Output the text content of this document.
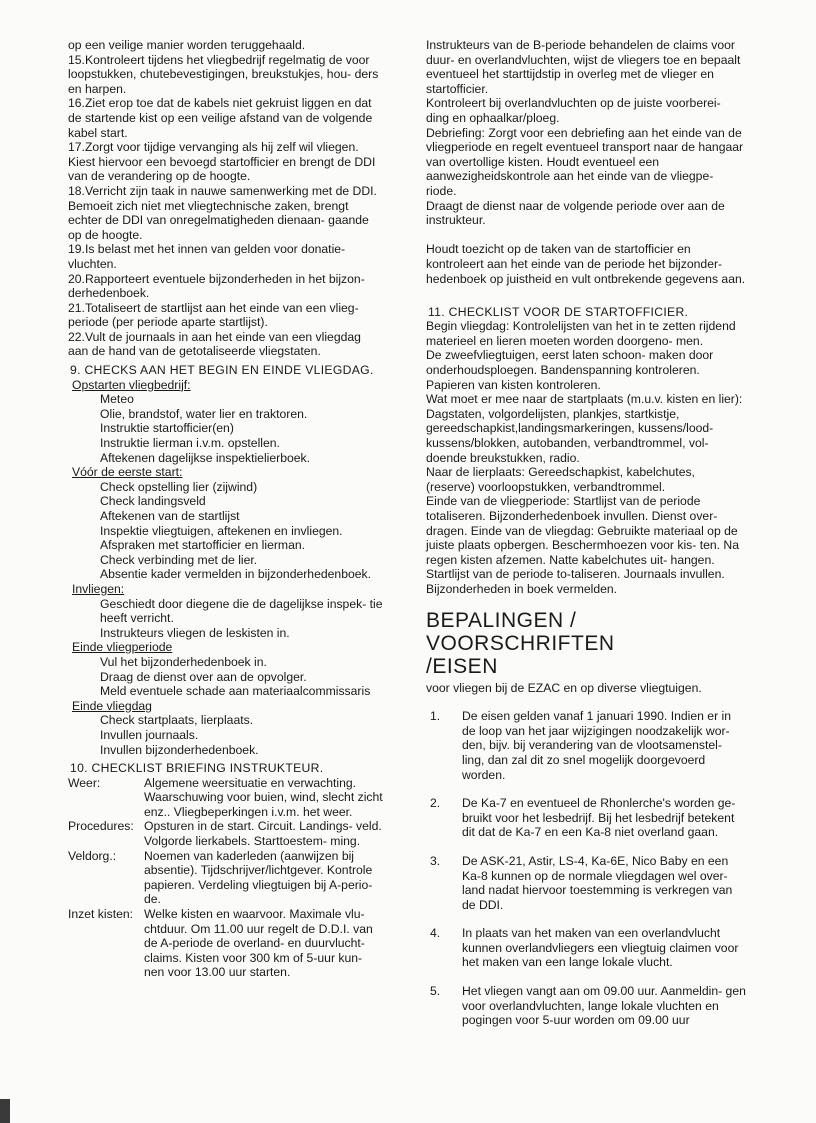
op een veilige manier worden teruggehaald.

15.Kontroleert tijdens het vliegbedrijf regelmatig de voor loopstukken, chutebevestigingen, breukstukjes, hou- ders en harpen.

16.Ziet erop toe dat de kabels niet gekruist liggen en dat de startende kist op een veilige afstand van de volgende kabel start.

17.Zorgt voor tijdige vervanging als hij zelf wil vliegen. Kiest hiervoor een bevoegd startofficier en brengt de DDI van de verandering op de hoogte.

18.Verricht zijn taak in nauwe samenwerking met de DDI. Bemoeit zich niet met vliegtechnische zaken, brengt echter de DDI van onregelmatigheden dienaan- gaande op de hoogte.

19.Is belast met het innen van gelden voor donatie- vluchten.

20.Rapporteert eventuele bijzonderheden in het bijzon- derhedenboek.

21.Totaliseert de startlijst aan het einde van een vlieg- periode (per periode aparte startlijst).

22.Vult de journaals in aan het einde van een vliegdag aan de hand van de getotaliseerde vliegstaten.

9. CHECKS AAN HET BEGIN EN EINDE VLIEGDAG.

Opstarten vliegbedrijf:

Meteo

Olie, brandstof, water lier en traktoren.

Instruktie startofficier(en)

Instruktie lierman i.v.m. opstellen.

Aftekenen dagelijkse inspektielierboek.

Vóór de eerste start:

Check opstelling lier (zijwind)

Check landingsveld

Aftekenen van de startlijst

Inspektie vliegtuigen, aftekenen en invliegen.

Afspraken met startofficier en lierman.

Check verbinding met de lier.

Absentie kader vermelden in bijzonderhedenboek.

Invliegen:

Geschiedt door diegene die de dagelijkse inspek- tie heeft verricht.

Instrukteurs vliegen de leskisten in.

Einde vliegperiode

Vul het bijzonderhedenboek in.

Draag de dienst over aan de opvolger.

Meld eventuele schade aan materiaalcommissaris

Einde vliegdag

Check startplaats, lierplaats.

Invullen journaals.

Invullen bijzonderhedenboek.

10. CHECKLIST BRIEFING INSTRUKTEUR.

Weer:	Algemene weersituatie en verwachting. Waarschuwing voor buien, wind, slecht zicht enz.. Vliegbeperkingen i.v.m. het weer.
Procedures: Opsturen in de start. Circuit. Landings- veld. Volgorde lierkabels. Starttoestem- ming.
Veldorg.:	Noemen van kaderleden (aanwijzen bij absentie). Tijdschrijver/lichtgever. Kontrole papieren. Verdeling vliegtuigen bij A-perio- de.
Inzet kisten: Welke kisten en waarvoor. Maximale vlu- chtduur. Om 11.00 uur regelt de D.D.I. van de A-periode de overland- en duurvlucht- claims. Kisten voor 300 km of 5-uur kun- nen voor 13.00 uur starten.

Instrukteurs van de B-periode behandelen de claims voor duur- en overlandvluchten, wijst de vliegers toe en bepaalt eventueel het starttijdstip in overleg met de vlieger en startofficier.

Kontroleert bij overlandvluchten op de juiste voorberei- ding en ophaalkar/ploeg.

Debriefing: Zorgt voor een debriefing aan het einde van de vliegperiode en regelt eventueel transport naar de hangaar van overtollige kisten. Houdt eventueel een aanwezigheidskontrole aan het einde van de vliegpe- riode.

Draagt de dienst naar de volgende periode over aan de instrukteur.

Houdt toezicht op de taken van de startofficier en kontroleert aan het einde van de periode het bijzonder- hedenboek op juistheid en vult ontbrekende gegevens aan.

11. CHECKLIST VOOR DE STARTOFFICIER.

Begin vliegdag: Kontrolelijsten van het in te zetten rijdend materieel en lieren moeten worden doorgeno- men.

De zweefvliegtuigen, eerst laten schoon- maken door onderhoudsploegen. Bandenspanning kontroleren. Papieren van kisten kontroleren.

Wat moet er mee naar de startplaats (m.u.v. kisten en lier): Dagstaten, volgordelijsten, plankjes, startkistje, gereedschapkist,landingsmarkeringen, kussens/lood- kussens/blokken, autobanden, verbandtrommel, vol- doende breukstukken, radio.

Naar de lierplaats: Gereedschapkist, kabelchutes, (reserve) voorloopstukken, verbandtrommel.

Einde van de vliegperiode: Startlijst van de periode totaliseren. Bijzonderhedenboek invullen. Dienst over- dragen. Einde van de vliegdag: Gebruikte materiaal op de juiste plaats opbergen. Beschermhoezen voor kis- ten. Na regen kisten afzemen. Natte kabelchutes uit- hangen. Startlijst van de periode to-taliseren. Journaals invullen. Bijzonderheden in boek vermelden.

BEPALINGEN / VOORSCHRIFTEN
/EISEN

voor vliegen bij de EZAC en op diverse vliegtuigen.

1.	De eisen gelden vanaf 1 januari 1990. Indien er in de loop van het jaar wijzigingen noodzakelijk wor- den, bijv. bij verandering van de vlootsamenstel- ling, dan zal dit zo snel mogelijk doorgevoerd worden.
2.	De Ka-7 en eventueel de Rhonlerche's worden ge- bruikt voor het lesbedrijf. Bij het lesbedrijf betekent dit dat de Ka-7 en een Ka-8 niet overland gaan.
3.	De ASK-21, Astir, LS-4, Ka-6E, Nico Baby en een Ka-8 kunnen op de normale vliegdagen wel over- land nadat hiervoor toestemming is verkregen van de DDI.
4.	In plaats van het maken van een overlandvlucht kunnen overlandvliegers een vliegtuig claimen voor het maken van een lange lokale vlucht.
5.	Het vliegen vangt aan om 09.00 uur. Aanmeldin- gen voor overlandvluchten, lange lokale vluchten en pogingen voor 5-uur worden om 09.00 uur
